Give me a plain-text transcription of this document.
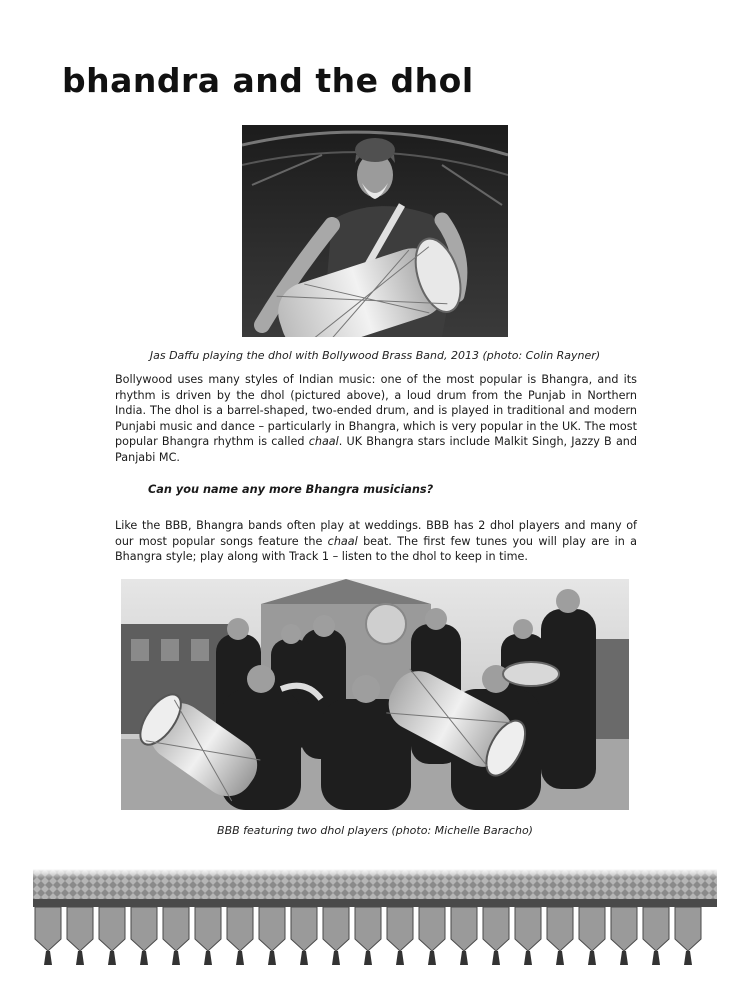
bhandra and the dhol

Jas Daffu playing the dhol with Bollywood Brass Band, 2013 (photo: Colin Rayner)

Bollywood uses many styles of Indian music: one of the most popular is Bhangra, and its rhythm is driven by the dhol (pictured above), a loud drum from the Punjab in Northern India. The dhol is a barrel-shaped, two-ended drum, and is played in traditional and modern Punjabi music and dance – particularly in Bhangra, which is very popular in the UK. The most popular Bhangra rhythm is called chaal. UK Bhangra stars include Malkit Singh, Jazzy B and Panjabi MC.

Can you name any more Bhangra musicians?

Like the BBB, Bhangra bands often play at weddings. BBB has 2 dhol players and many of our most popular songs feature the chaal beat. The first few tunes you will play are in a Bhangra style; play along with Track 1 – listen to the dhol to keep in time.

BBB featuring two dhol players (photo: Michelle Baracho)
